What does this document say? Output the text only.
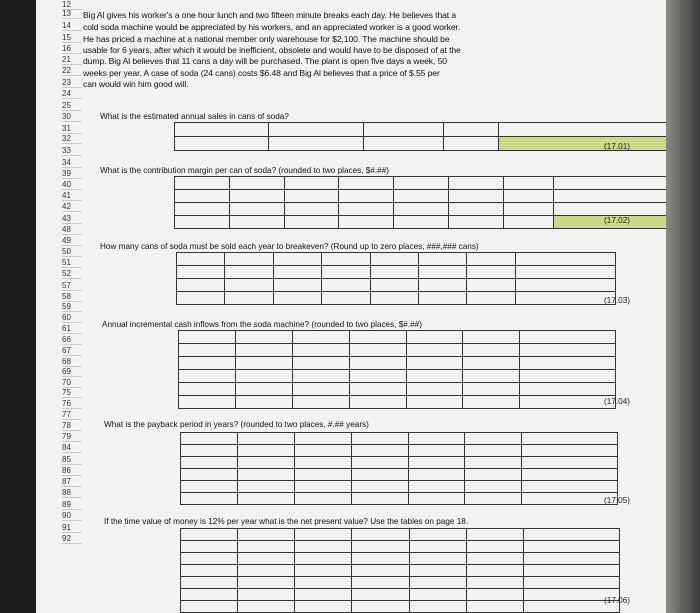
12
13
14
15
16
21
22
23
24
25
30
31
32
33
34
39
40
41
42
43
48
49
50
51
52
57
58
59
60
61
66
67
68
69
70
75
76
77
78
79
84
85
86
87
88
89
90
91
92
Big Al gives his worker's a one hour lunch and two fifteen minute breaks each day. He believes that a
cold soda machine would be appreciated by his workers, and an appreciated worker is a good worker.
He has priced a machine at a national member only warehouse for $2,100. The machine should be
usable for 6 years, after which it would be inefficient, obsolete and would have to be disposed of at the
dump. Big Al believes that 11 cans a day will be purchased. The plant is open five days a week, 50
weeks per year. A case of soda (24 cans) costs $6.48 and Big Al believes that a price of $.55 per
can would win him good will.
What is the estimated annual sales in cans of soda?

(17.01)
What is the contribution margin per can of soda? (rounded to two places, $#.##)

(17.02)
How many cans of soda must be sold each year to breakeven? (Round up to zero places, ###,### cans)

(17.03)
Annual incremental cash inflows from the soda machine? (rounded to two places, $#.##)

(17.04)
What is the payback period in years? (rounded to two places, #.## years)

(17.05)
If the time value of money is 12% per year what is the net present value? Use the tables on page 18.

(17.06)
